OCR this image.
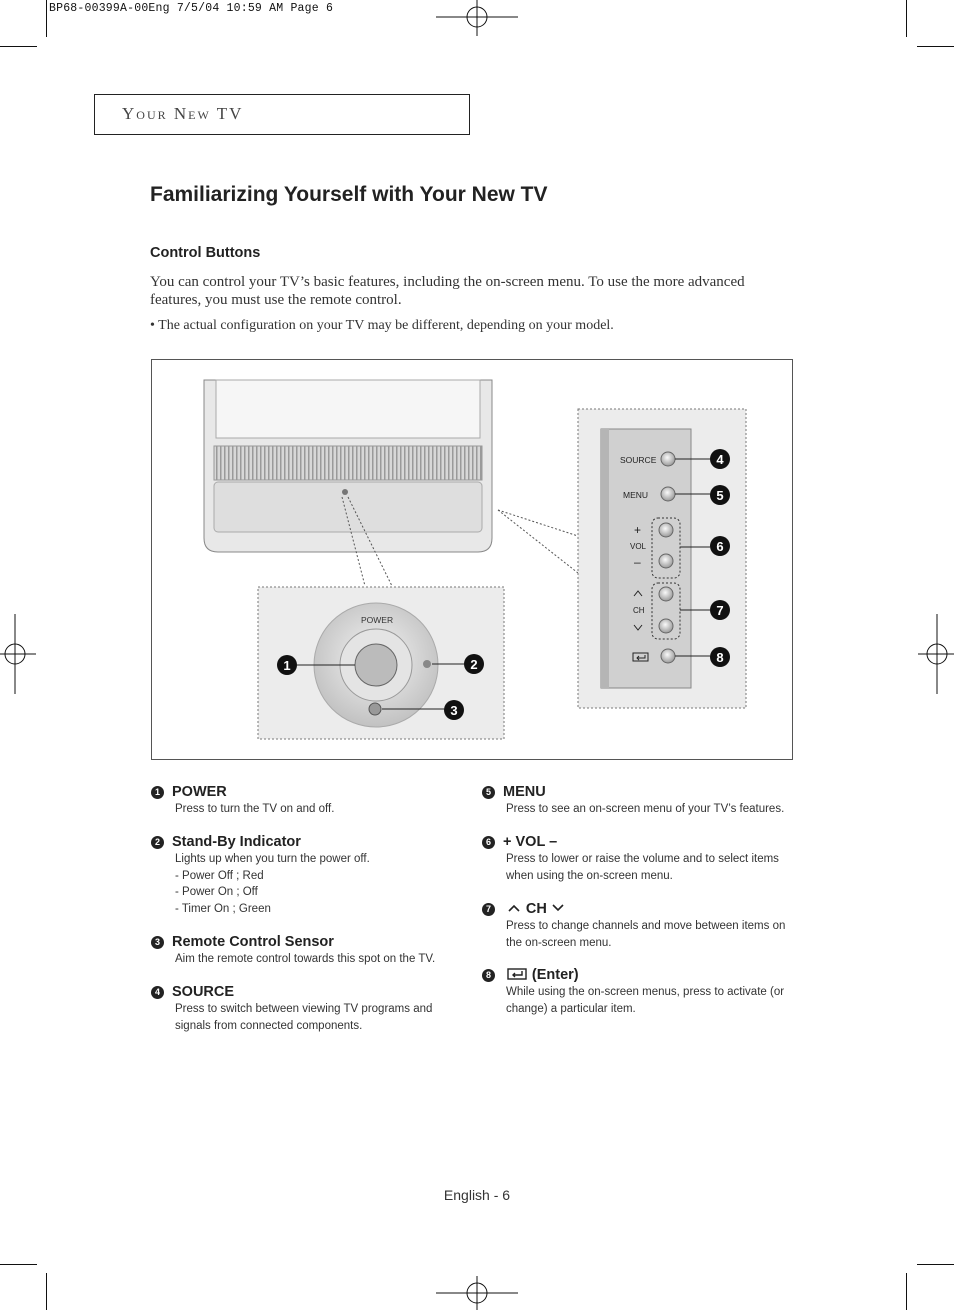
BP68-00399A-00Eng 7/5/04 10:59 AM Page 6
Your New TV
Familiarizing Yourself with Your New TV
Control Buttons
You can control your TV’s basic features, including the on-screen menu. To use the more advanced features, you must use the remote control.
• The actual configuration on your TV may be different, depending on your model.
POWER
SOURCE
MENU
+
VOL
–
CH
1	2
3
4
5
6
7
8
1 POWER
Press to turn the TV on and off.
2 Stand-By Indicator
Lights up when you turn the power off.
- Power Off ; Red
- Power On ; Off
- Timer On ; Green
3 Remote Control Sensor
Aim the remote control towards this spot on the TV.
4 SOURCE
Press to switch between viewing TV programs and
signals from connected components.
5 MENU
Press to see an on-screen menu of your TV’s features.
6 + VOL –
Press to lower or raise the volume and to select items
when using the on-screen menu.
7 CH
Press to change channels and move between items on
the on-screen menu.
8	(Enter)
While using the on-screen menus, press to activate (or
change) a particular item.
English - 6
